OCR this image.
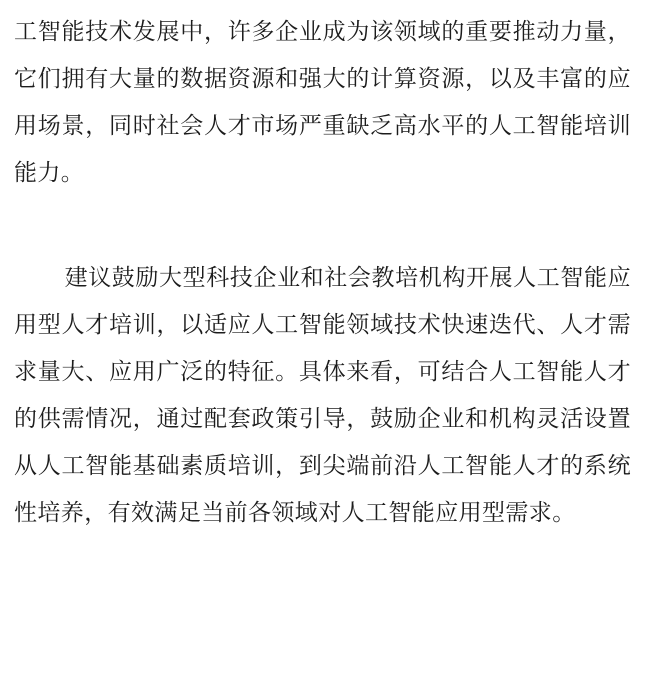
工智能技术发展中，许多企业成为该领域的重要推动力量，它们拥有大量的数据资源和强大的计算资源，以及丰富的应用场景，同时社会人才市场严重缺乏高水平的人工智能培训能力。

建议鼓励大型科技企业和社会教培机构开展人工智能应用型人才培训，以适应人工智能领域技术快速迭代、人才需求量大、应用广泛的特征。具体来看，可结合人工智能人才的供需情况，通过配套政策引导，鼓励企业和机构灵活设置从人工智能基础素质培训，到尖端前沿人工智能人才的系统性培养，有效满足当前各领域对人工智能应用型需求。
